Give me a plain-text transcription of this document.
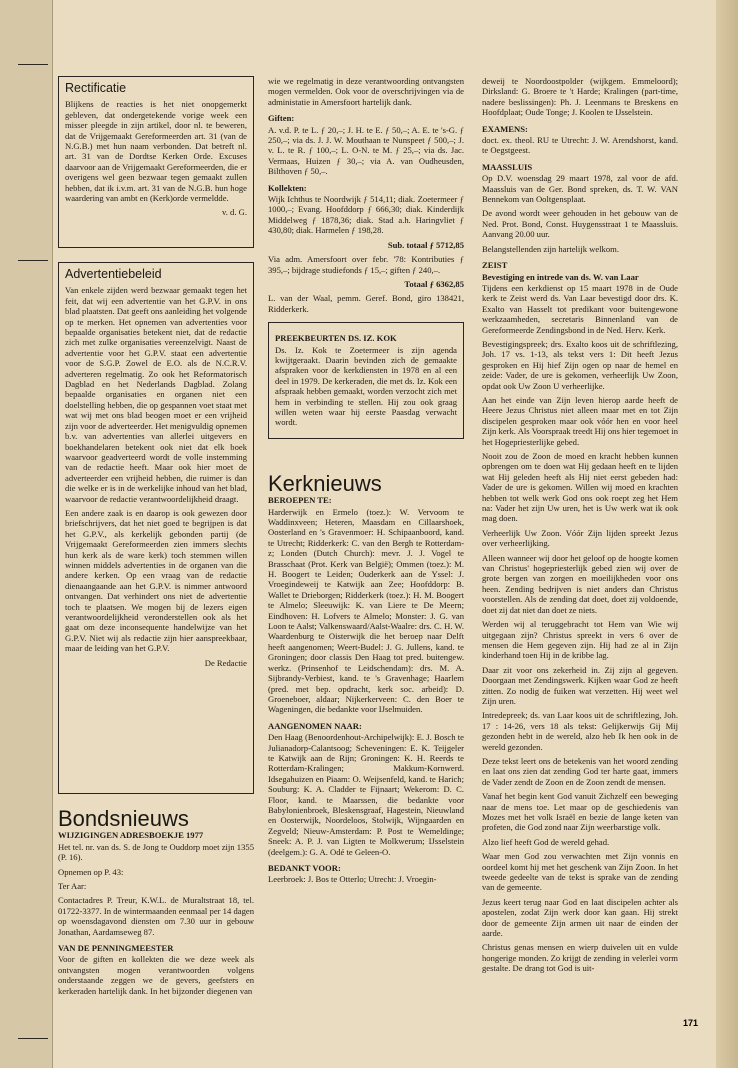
Rectificatie

Blijkens de reacties is het niet onopgemerkt gebleven, dat ondergetekende vorige week een misser pleegde in zijn artikel, door nl. te beweren, dat de Vrijgemaakt Gereformeerden art. 31 (van de N.G.B.) met hun naam verbonden. Dat betreft nl. art. 31 van de Dordtse Kerken Orde. Excuses daarvoor aan de Vrijgemaakt Gereformeerden, die er overigens wel geen bezwaar tegen gemaakt zullen hebben, dat ik i.v.m. art. 31 van de N.G.B. hun hoge waardering van ambt en (Kerk)orde vermeldde.

v. d. G.

Advertentiebeleid

Van enkele zijden werd bezwaar gemaakt tegen het feit, dat wij een advertentie van het G.P.V. in ons blad plaatsten. Dat geeft ons aanleiding het volgende op te merken. Het opnemen van advertenties voor bepaalde organisaties betekent niet, dat de redactie zich met zulke organisaties vereenzelvigt. Naast de advertentie voor het G.P.V. staat een advertentie voor de S.G.P. Zowel de E.O. als de N.C.R.V. adverteren regelmatig. Zo ook het Reformatorisch Dagblad en het Nederlands Dagblad. Zolang bepaalde organisaties en organen niet een doelstelling hebben, die op gespannen voet staat met wat wij met ons blad beogen moet er een vrijheid zijn voor de adverteerder. Het menigvuldig opnemen b.v. van advertenties van allerlei uitgevers en boekhandelaren betekent ook niet dat elk boek waarvoor geadverteerd wordt de volle instemming van de redactie heeft. Maar ook hier moet de adverteerder een vrijheid hebben, die ruimer is dan die welke er is in de werkelijke inhoud van het blad, waarvoor de redactie verantwoordelijkheid draagt.

Een andere zaak is en daarop is ook gewezen door briefschrijvers, dat het niet goed te begrijpen is dat het G.P.V., als kerkelijk gebonden partij (de Vrijgemaakt Gereformeerden zien immers slechts hun kerk als de ware kerk) toch stemmen willen winnen middels advertenties in de organen van die andere kerken. Op een vraag van de redactie dienaangaande aan het G.P.V. is nimmer antwoord ontvangen. Dat verhindert ons niet de advertentie toch te plaatsen. We mogen bij de lezers eigen verantwoordelijkheid veronderstellen ook als het gaat om deze inconsequente handelwijze van het G.P.V. Niet wij als redactie zijn hier aanspreekbaar, maar de leiding van het G.P.V.

De Redactie

Bondsnieuws
WIJZIGINGEN ADRESBOEKJE 1977

Het tel. nr. van ds. S. de Jong te Ouddorp moet zijn 1355 (P. 16).

Opnemen op P. 43:

Ter Aar:

Contactadres P. Treur, K.W.L. de Muraltstraat 18, tel. 01722-3377. In de wintermaanden eenmaal per 14 dagen op woensdagavond diensten om 7.30 uur in gebouw Jonathan, Aardamseweg 87.

VAN DE PENNINGMEESTER

Voor de giften en kollekten die we deze week als ontvangsten mogen verantwoorden volgens onderstaande zeggen we de gevers, geefsters en kerkeraden hartelijk dank. In het bijzonder diegenen van

wie we regelmatig in deze verantwoording ontvangsten mogen vermelden. Ook voor de overschrijvingen via de administatie in Amersfoort hartelijk dank.

Giften:

A. v.d. P. te L. ƒ 20,–; J. H. te E. ƒ 50,–; A. E. te 's-G. ƒ 250,–; via ds. J. J. W. Mouthaan te Nunspeet ƒ 500,–; J. v. L. te R. ƒ 100,–; L. O-N. te M. ƒ 25,–; via ds. Jac. Vermaas, Huizen ƒ 30,–; via A. van Oudheusden, Bilthoven ƒ 50,–.

Kollekten:

Wijk Ichthus te Noordwijk ƒ 514,11; diak. Zoetermeer ƒ 1000,–; Evang. Hoofddorp ƒ 666,30; diak. Kinderdijk Middelweg ƒ 1878,36; diak. Stad a.h. Haringvliet ƒ 430,80; diak. Harmelen ƒ 198,28.

Sub. totaal ƒ 5712,85

Via adm. Amersfoort over febr. '78: Kontributies ƒ 395,–; bijdrage studiefonds ƒ 15,–; giften ƒ 240,–.

Totaal ƒ 6362,85

L. van der Waal, pemm. Geref. Bond, giro 138421, Ridderkerk.

PREEKBEURTEN DS. IZ. KOK

Ds. Iz. Kok te Zoetermeer is zijn agenda kwijtgeraakt. Daarin bevinden zich de gemaakte afspraken voor de kerkdiensten in 1978 en al een deel in 1979. De kerkeraden, die met ds. Iz. Kok een afspraak hebben gemaakt, worden verzocht zich met hem in verbinding te stellen. Hij zou ook graag willen weten waar hij eerste Paasdag verwacht wordt.

Kerknieuws
BEROEPEN TE:

Harderwijk en Ermelo (toez.): W. Vervoom te Waddinxveen; Heteren, Maasdam en Cillaarshoek, Oosterland en 's Gravenmoer: H. Schipaanboord, kand. te Utrecht; Ridderkerk: C. van den Bergh te Rotterdam-z; Londen (Dutch Church): mevr. J. J. Vogel te Brasschaat (Prot. Kerk van België); Ommen (toez.): M. H. Boogert te Leiden; Ouderkerk aan de Yssel: J. Vroegindeweij te Katwijk aan Zee; Hoofddorp: B. Wallet te Drieborgen; Ridderkerk (toez.): H. M. Boogert te Almelo; Sleeuwijk: K. van Liere te De Meern; Eindhoven: H. Lofvers te Almelo; Monster: J. G. van Loon te Aalst; Valkenswaard/Aalst-Waalre: drs. C. H. W. Waardenburg te Oisterwijk die het beroep naar Delft heeft aangenomen; Weert-Budel: J. G. Jullens, kand. te Groningen; door classis Den Haag tot pred. buitengew. werkz. (Prinsenhof te Leidschendam): drs. M. A. Sijbrandy-Verbiest, kand. te 's Gravenhage; Haarlem (pred. met bep. opdracht, kerk soc. arbeid): D. Groeneboer, aldaar; Nijkerkerveen: C. den Boer te Wageningen, die bedankte voor IJselmuiden.

AANGENOMEN NAAR:

Den Haag (Benoordenhout-Archipelwijk): E. J. Bosch te Julianadorp-Calantsoog; Scheveningen: E. K. Teijgeler te Katwijk aan de Rijn; Groningen: K. H. Reerds te Rotterdam-Kralingen; Makkum-Kornwerd. Idsegahuizen en Piaam: O. Weijsenfeld, kand. te Harich; Souburg: K. A. Cladder te Fijnaart; Wekerom: D. C. Floor, kand. te Maarssen, die bedankte voor Babylonienbroek, Bleskensgraaf, Hagestein, Nieuwland en Oosterwijk, Noordeloos, Stolwijk, Wijngaarden en Zegveld; Nieuw-Amsterdam: P. Post te Wemeldinge; Sneek: A. P. J. van Ligten te Molkwerum; IJsselstein (deelgem.): G. A. Odé te Geleen-O.

BEDANKT VOOR:

Leerbroek: J. Bos te Otterlo; Utrecht: J. Vroegin-

deweij te Noordoostpolder (wijkgem. Emmeloord); Dirksland: G. Broere te 't Harde; Kralingen (part-time, nadere beslissingen): Ph. J. Leenmans te Breskens en Hoofdplaat; Oude Tonge; J. Koolen te IJsselstein.

EXAMENS:

doct. ex. theol. RU te Utrecht: J. W. Arendshorst, kand. te Oegstgeest.

MAASSLUIS

Op D.V. woensdag 29 maart 1978, zal voor de afd. Maassluis van de Ger. Bond spreken, ds. T. W. VAN Bennekom van Ooltgensplaat.

De avond wordt weer gehouden in het gebouw van de Ned. Prot. Bond, Const. Huygensstraat 1 te Maassluis. Aanvang 20.00 uur.

Belangstellenden zijn hartelijk welkom.

ZEIST
Bevestiging en intrede van ds. W. van Laar

Tijdens een kerkdienst op 15 maart 1978 in de Oude kerk te Zeist werd ds. Van Laar bevestigd door drs. K. Exalto van Hasselt tot predikant voor buitengewone werkzaamheden, secretaris Binnenland van de Gereformeerde Zendingsbond in de Ned. Herv. Kerk.

Bevestigingspreek; drs. Exalto koos uit de schriftlezing, Joh. 17 vs. 1-13, als tekst vers 1: Dit heeft Jezus gesproken en Hij hief Zijn ogen op naar de hemel en zeide: Vader, de ure is gekomen, verheerlijk Uw Zoon, opdat ook Uw Zoon U verheerlijke.

Aan het einde van Zijn leven hierop aarde heeft de Heere Jezus Christus niet alleen maar met en tot Zijn discipelen gesproken maar ook vóór hen en voor heel Zijn kerk. Als Voorspraak treedt Hij ons hier tegemoet in het Hogepriesterlijke gebed.

Nooit zou de Zoon de moed en kracht hebben kunnen opbrengen om te doen wat Hij gedaan heeft en te lijden wat Hij geleden heeft als Hij niet eerst gebeden had: Vader de ure is gekomen. Willen wij moed en krachten hebben tot welk werk God ons ook roept zeg het Hem na: Vader het zijn Uw uren, het is Uw werk wat ik ook mag doen.

Verheerlijk Uw Zoon. Vóór Zijn lijden spreekt Jezus over verheerlijking.

Alleen wanneer wij door het geloof op de hoogte komen van Christus' hogepriesterlijk gebed zien wij over de grote bergen van zorgen en moeilijkheden voor ons heen. Zending bedrijven is niet anders dan Christus voorstellen. Als de zending dat doet, doet zij voldoende, doet zij dat niet dan doet ze niets.

Werden wij al teruggebracht tot Hem van Wie wij uitgegaan zijn? Christus spreekt in vers 6 over de mensen die Hem gegeven zijn. Hij had ze al in Zijn kinderhand toen Hij in de kribbe lag.

Daar zit voor ons zekerheid in. Zij zijn al gegeven. Doorgaan met Zendingswerk. Kijken waar God ze heeft zitten. Zo nodig de fuiken wat verzetten. Hij weet wel Zijn uren.

Intredepreek; ds. van Laar koos uit de schriftlezing, Joh. 17 : 14-26, vers 18 als tekst: Gelijkerwijs Gij Mij gezonden hebt in de wereld, alzo heb Ik hen ook in de wereld gezonden.

Deze tekst leert ons de betekenis van het woord zending en laat ons zien dat zending God ter harte gaat, immers de Vader zendt de Zoon en de Zoon zendt de mensen.

Vanaf het begin kent God vanuit Zichzelf een beweging naar de mens toe. Let maar op de geschiedenis van Mozes met het volk Israël en bezie de lange keten van profeten, die God zond naar Zijn weerbarstige volk.

Alzo lief heeft God de wereld gehad.

Waar men God zou verwachten met Zijn vonnis en oordeel komt hij met het geschenk van Zijn Zoon. In het tweede gedeelte van de tekst is sprake van de zending van de gemeente.

Jezus keert terug naar God en laat discipelen achter als apostelen, zodat Zijn werk door kan gaan. Hij strekt door de gemeente Zijn armen uit naar de einden der aarde.

Christus genas mensen en wierp duivelen uit en vulde hongerige monden. Zo krijgt de zending in velerlei vorm gestalte. De drang tot God is uit-

171
